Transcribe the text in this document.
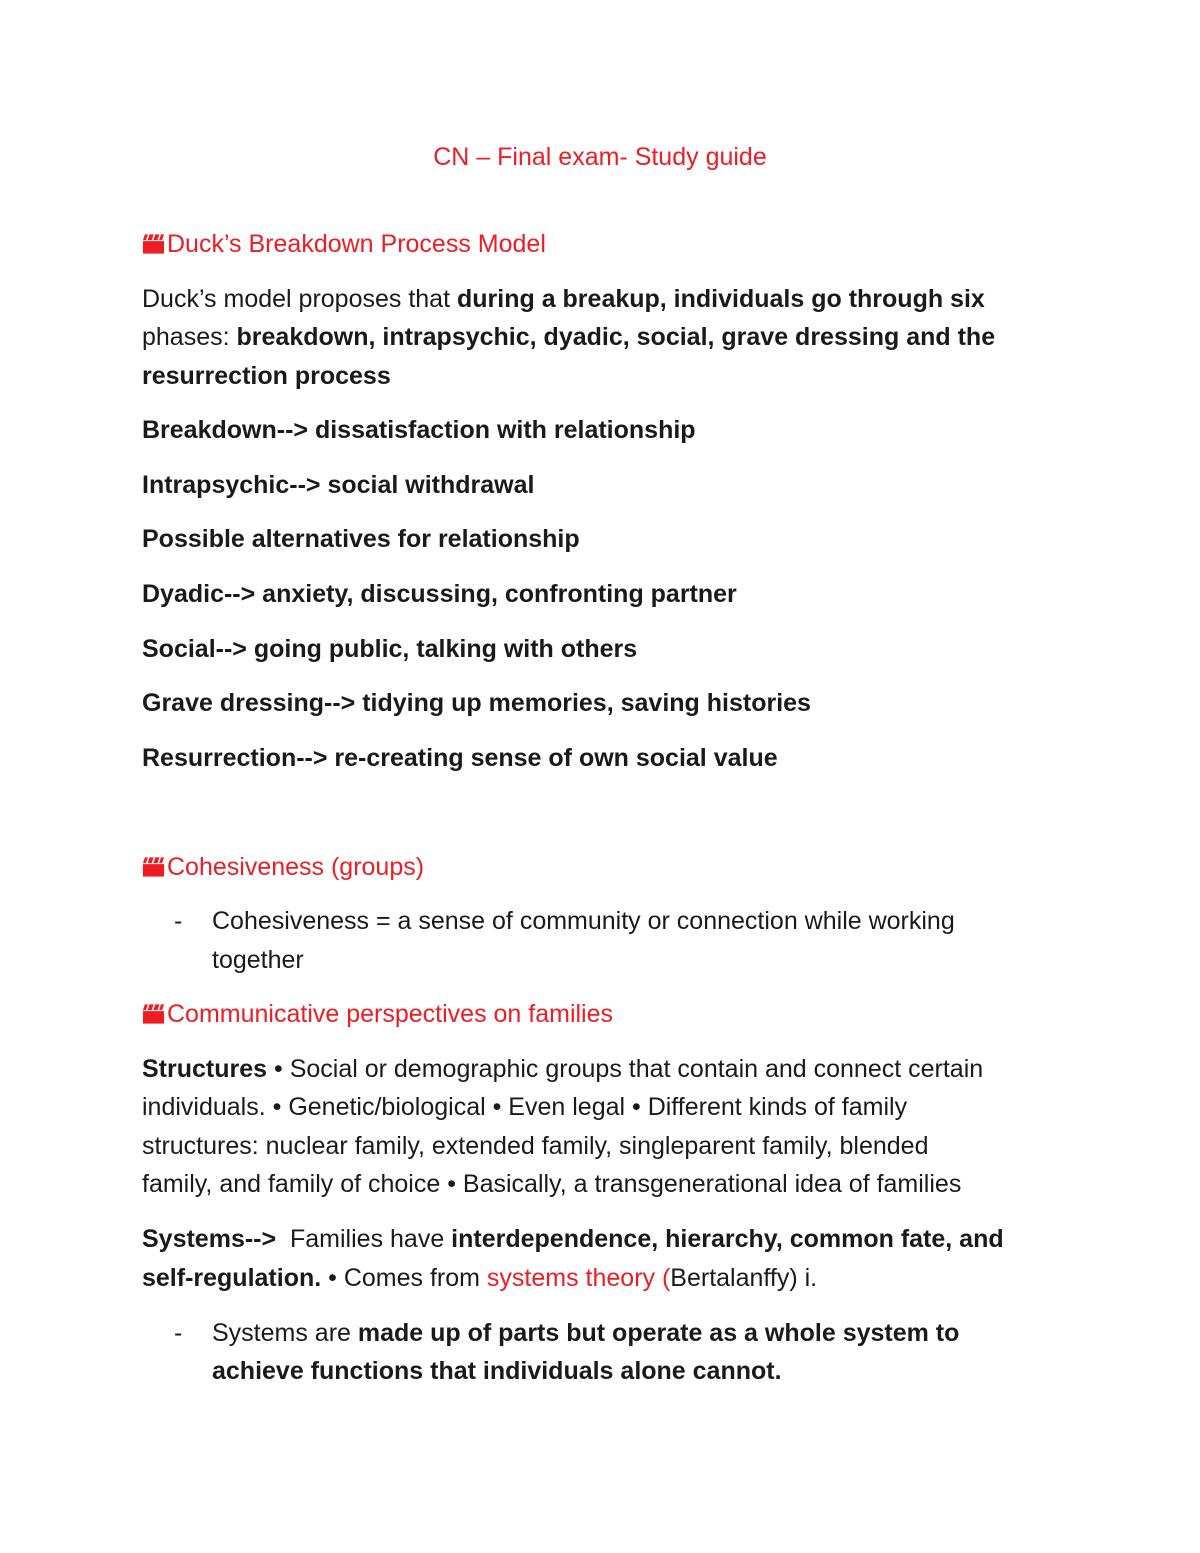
CN – Final exam- Study guide
Duck’s Breakdown Process Model
Duck’s model proposes that during a breakup, individuals go through six
phases: breakdown, intrapsychic, dyadic, social, grave dressing and the
resurrection process
Breakdown--> dissatisfaction with relationship
Intrapsychic--> social withdrawal
Possible alternatives for relationship
Dyadic--> anxiety, discussing, confronting partner
Social--> going public, talking with others
Grave dressing--> tidying up memories, saving histories
Resurrection--> re-creating sense of own social value
Cohesiveness (groups)
- Cohesiveness = a sense of community or connection while working
together
Communicative perspectives on families
Structures • Social or demographic groups that contain and connect certain
individuals. • Genetic/biological • Even legal • Different kinds of family
structures: nuclear family, extended family, singleparent family, blended
family, and family of choice • Basically, a transgenerational idea of families
Systems-->  Families have interdependence, hierarchy, common fate, and
self-regulation. • Comes from systems theory (Bertalanffy) i.
- Systems are made up of parts but operate as a whole system to
achieve functions that individuals alone cannot.
